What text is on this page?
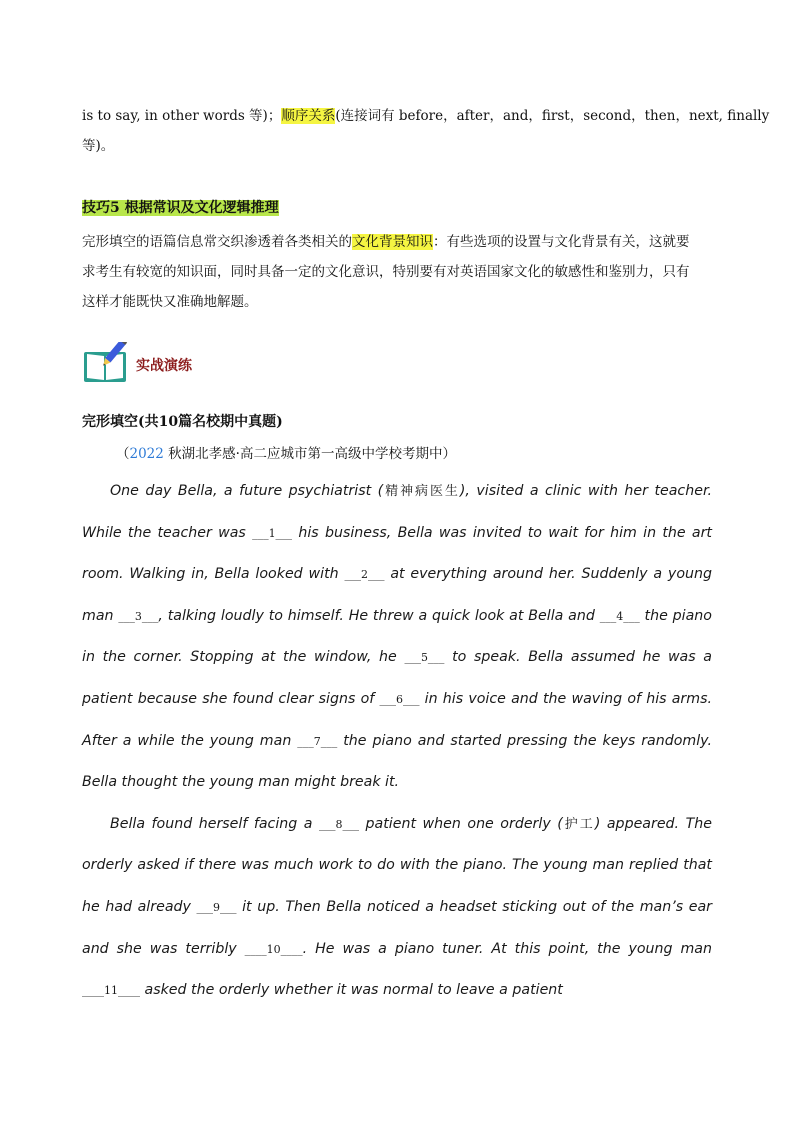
is to say, in other words 等)；顺序关系(连接词有 before，after，and，first，second，then，next, finally
等)。
技巧5 根据常识及文化逻辑推理
完形填空的语篇信息常交织渗透着各类相关的文化背景知识：有些选项的设置与文化背景有关，这就要
求考生有较宽的知识面，同时具备一定的文化意识，特别要有对英语国家文化的敏感性和鉴别力，只有
这样才能既快又准确地解题。
实战演练
完形填空(共10篇名校期中真题)
（2022 秋湖北孝感·高二应城市第一高级中学校考期中）

One day Bella, a future psychiatrist (精神病医生), visited a clinic with her teacher. While the teacher was ___1___ his business, Bella was invited to wait for him in the art room. Walking in, Bella looked with ___2___ at everything around her. Suddenly a young man ___3___, talking loudly to himself. He threw a quick look at Bella and ___4___ the piano in the corner. Stopping at the window, he ___5___ to speak. Bella assumed he was a patient because she found clear signs of ___6___ in his voice and the waving of his arms. After a while the young man ___7___ the piano and started pressing the keys randomly. Bella thought the young man might break it.

Bella found herself facing a ___8___ patient when one orderly (护工) appeared. The orderly asked if there was much work to do with the piano. The young man replied that he had already ___9___ it up. Then Bella noticed a headset sticking out of the man’s ear and she was terribly ____10____. He was a piano tuner. At this point, the young man ____11____ asked the orderly whether it was normal to leave a patient
